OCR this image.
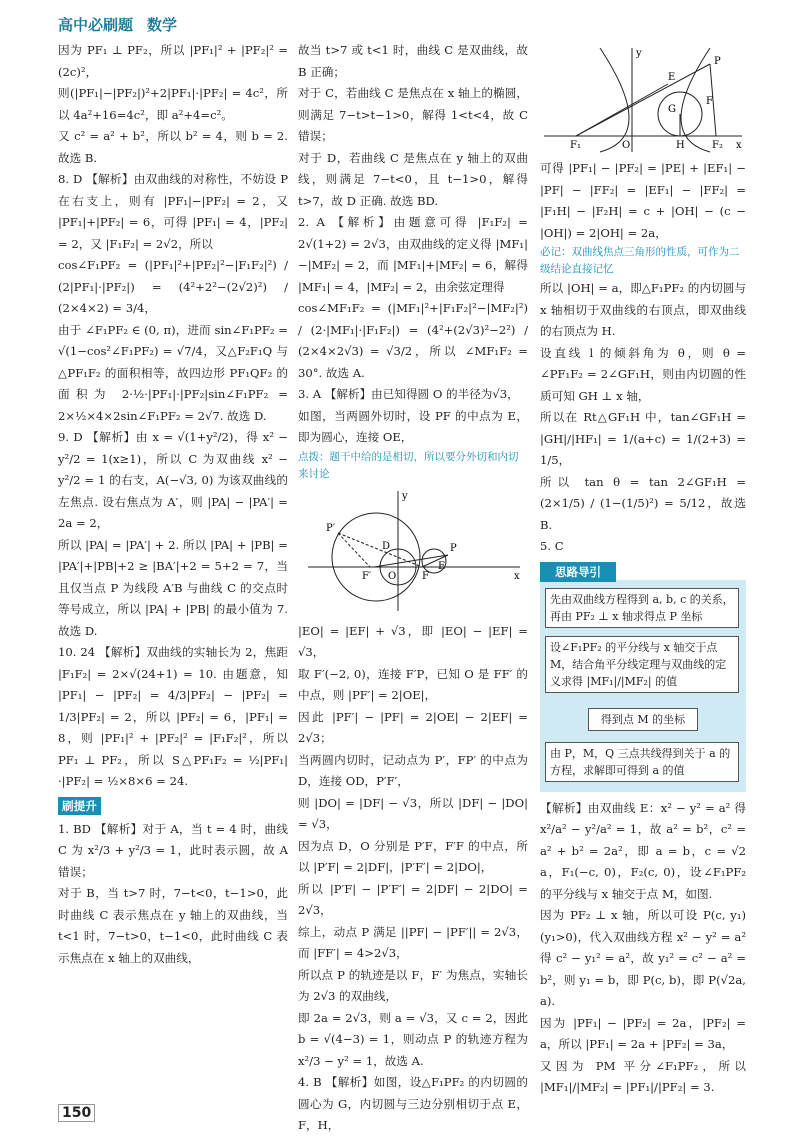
高中必刷题 数学

因为 PF₁ ⊥ PF₂，所以 |PF₁|² + |PF₂|² = (2c)²，

则(|PF₁|−|PF₂|)²+2|PF₁|·|PF₂| = 4c²，所以 4a²+16=4c²，即 a²+4=c²。

又 c² = a² + b²，所以 b² = 4，则 b = 2. 故选 B.

8. D 【解析】由双曲线的对称性，不妨设 P 在右支上，则有 |PF₁|−|PF₂| = 2，又 |PF₁|+|PF₂| = 6，可得 |PF₁| = 4，|PF₂| = 2，又 |F₁F₂| = 2√2，所以

cos∠F₁PF₂ = (|PF₁|²+|PF₂|²−|F₁F₂|²) / (2|PF₁|·|PF₂|) = (4²+2²−(2√2)²) / (2×4×2) = 3/4，

由于 ∠F₁PF₂ ∈ (0, π)，进而 sin∠F₁PF₂ = √(1−cos²∠F₁PF₂) = √7/4，又△F₂F₁Q 与△PF₁F₂ 的面积相等，故四边形 PF₁QF₂ 的面积为 2·½·|PF₁|·|PF₂|sin∠F₁PF₂ = 2×½×4×2sin∠F₁PF₂ = 2√7. 故选 D.

9. D 【解析】由 x = √(1+y²/2)，得 x² − y²/2 = 1(x≥1)，所以 C 为双曲线 x² − y²/2 = 1 的右支，A(−√3, 0) 为该双曲线的左焦点. 设右焦点为 A′，则 |PA| − |PA′| = 2a = 2，

所以 |PA| = |PA′| + 2. 所以 |PA| + |PB| = |PA′|+|PB|+2 ≥ |BA′|+2 = 5+2 = 7，当且仅当点 P 为线段 A′B 与曲线 C 的交点时等号成立，所以 |PA| + |PB| 的最小值为 7. 故选 D.

10. 24 【解析】双曲线的实轴长为 2，焦距 |F₁F₂| = 2×√(24+1) = 10. 由题意，知 |PF₁| − |PF₂| = 4/3|PF₂| − |PF₂| = 1/3|PF₂| = 2，所以 |PF₂| = 6，|PF₁| = 8，则 |PF₁|² + |PF₂|² = |F₁F₂|²，所以 PF₁ ⊥ PF₂，所以 S△PF₁F₂ = ½|PF₁|·|PF₂| = ½×8×6 = 24.

刷提升

1. BD 【解析】对于 A，当 t = 4 时，曲线 C 为 x²/3 + y²/3 = 1，此时表示圆，故 A 错误；

对于 B，当 t>7 时，7−t<0，t−1>0，此时曲线 C 表示焦点在 y 轴上的双曲线，当 t<1 时，7−t>0，t−1<0，此时曲线 C 表示焦点在 x 轴上的双曲线，

故当 t>7 或 t<1 时，曲线 C 是双曲线，故 B 正确；

对于 C，若曲线 C 是焦点在 x 轴上的椭圆，则满足 7−t>t−1>0，解得 1<t<4，故 C 错误；

对于 D，若曲线 C 是焦点在 y 轴上的双曲线，则满足 7−t<0，且 t−1>0，解得 t>7，故 D 正确. 故选 BD.

2. A 【解析】由题意可得 |F₁F₂| = 2√(1+2) = 2√3，由双曲线的定义得 |MF₁|−|MF₂| = 2，而 |MF₁|+|MF₂| = 6，解得 |MF₁| = 4，|MF₂| = 2，由余弦定理得

cos∠MF₁F₂ = (|MF₁|²+|F₁F₂|²−|MF₂|²) / (2·|MF₁|·|F₁F₂|) = (4²+(2√3)²−2²) / (2×4×2√3) = √3/2，所以 ∠MF₁F₂ = 30°. 故选 A.

3. A 【解析】由已知得圆 O 的半径为√3，

如图，当两圆外切时，设 PF 的中点为 E，即为圆心，连接 OE，

点拨：题干中给的是相切，所以要分外切和内切来讨论

y
x
P
P′
D
E
F
F′ O

|EO| = |EF| + √3，即 |EO| − |EF| = √3，

取 F′(−2, 0)，连接 F′P，已知 O 是 FF′ 的中点，则 |PF′| = 2|OE|，

因此 |PF′| − |PF| = 2|OE| − 2|EF| = 2√3；

当两圆内切时，记动点为 P′，FP′ 的中点为 D，连接 OD，P′F′，

则 |DO| = |DF| − √3，所以 |DF| − |DO| = √3，

因为点 D，O 分别是 P′F，F′F 的中点，所以 |P′F| = 2|DF|，|P′F′| = 2|DO|，

所以 |P′F| − |P′F′| = 2|DF| − 2|DO| = 2√3，

综上，动点 P 满足 ||PF| − |PF′|| = 2√3，而 |FF′| = 4>2√3，

所以点 P 的轨迹是以 F，F′ 为焦点，实轴长为 2√3 的双曲线，

即 2a = 2√3，则 a = √3，又 c = 2，因此 b = √(4−3) = 1，则动点 P 的轨迹方程为 x²/3 − y² = 1，故选 A.

4. B 【解析】如图，设△F₁PF₂ 的内切圆的圆心为 G，内切圆与三边分别相切于点 E，F，H，

y
x
P
E
G
F
F₁	F₂
O	H

可得 |PF₁| − |PF₂| = |PE| + |EF₁| − |PF| − |FF₂| = |EF₁| − |FF₂| = |F₁H| − |F₂H| = c + |OH| − (c − |OH|) = 2|OH| = 2a，

必记：双曲线焦点三角形的性质，可作为二级结论直接记忆

所以 |OH| = a，即△F₁PF₂ 的内切圆与 x 轴相切于双曲线的右顶点，即双曲线的右顶点为 H.

设直线 l 的倾斜角为 θ，则 θ = ∠PF₁F₂ = 2∠GF₁H，则由内切圆的性质可知 GH ⊥ x 轴，

所以在 Rt△GF₁H 中，tan∠GF₁H = |GH|/|HF₁| = 1/(a+c) = 1/(2+3) = 1/5，

所以 tan θ = tan 2∠GF₁H = (2×1/5) / (1−(1/5)²) = 5/12，故选 B.

5. C

思路导引
先由双曲线方程得到 a, b, c 的关系，再由 PF₂ ⊥ x 轴求得点 P 坐标
设∠F₁PF₂ 的平分线与 x 轴交于点 M，结合角平分线定理与双曲线的定义求得 |MF₁|/|MF₂| 的值
得到点 M 的坐标
由 P，M，Q 三点共线得到关于 a 的方程，求解即可得到 a 的值

【解析】由双曲线 E：x² − y² = a² 得 x²/a² − y²/a² = 1，故 a² = b²，c² = a² + b² = 2a²，即 a = b，c = √2 a，F₁(−c, 0)，F₂(c, 0)，设∠F₁PF₂ 的平分线与 x 轴交于点 M，如图.

因为 PF₂ ⊥ x 轴，所以可设 P(c, y₁)(y₁>0)，代入双曲线方程 x² − y² = a² 得 c² − y₁² = a²，故 y₁² = c² − a² = b²，则 y₁ = b，即 P(c, b)，即 P(√2a, a).

因为 |PF₁| − |PF₂| = 2a，|PF₂| = a，所以 |PF₁| = 2a + |PF₂| = 3a，

又因为 PM 平分∠F₁PF₂，所以 |MF₁|/|MF₂| = |PF₁|/|PF₂| = 3.

150
